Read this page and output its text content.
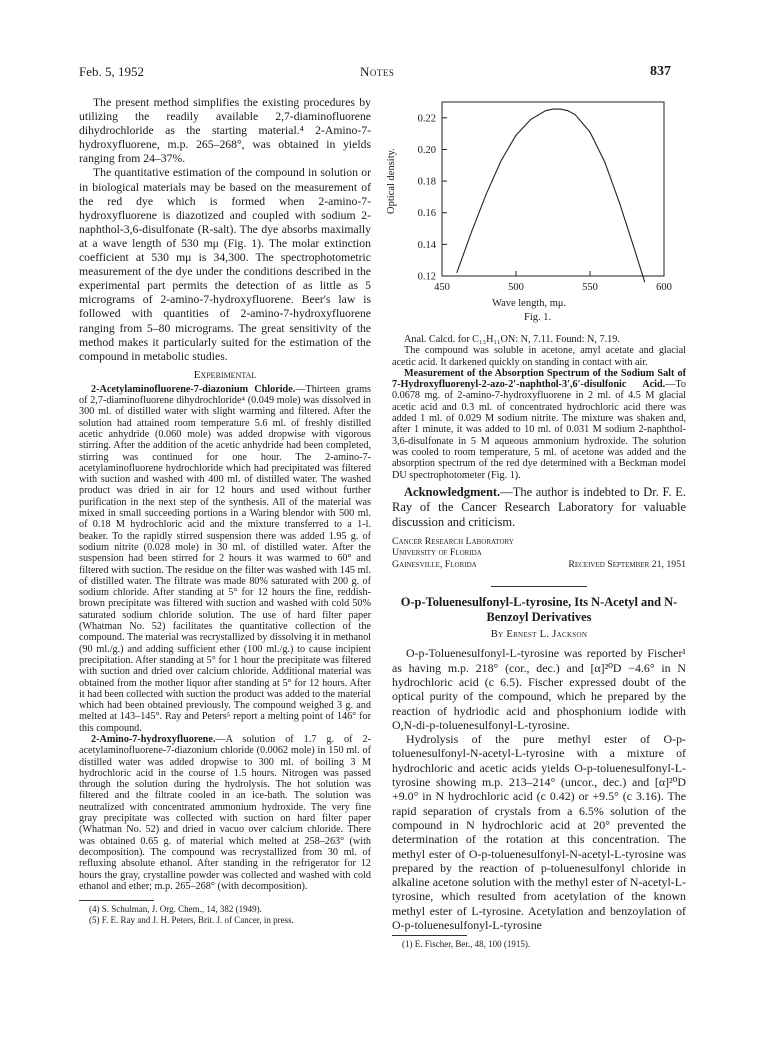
Feb. 5, 1952	Notes	837

The present method simplifies the existing procedures by utilizing the readily available 2,7-diaminofluorene dihydrochloride as the starting material.⁴ 2-Amino-7-hydroxyfluorene, m.p. 265–268°, was obtained in yields ranging from 24–37%.

The quantitative estimation of the compound in solution or in biological materials may be based on the measurement of the red dye which is formed when 2-amino-7-hydroxyfluorene is diazotized and coupled with sodium 2-naphthol-3,6-disulfonate (R-salt). The dye absorbs maximally at a wave length of 530 mμ (Fig. 1). The molar extinction coefficient at 530 mμ is 34,300. The spectrophotometric measurement of the dye under the conditions described in the experimental part permits the detection of as little as 5 micrograms of 2-amino-7-hydroxyfluorene. Beer's law is followed with quantities of 2-amino-7-hydroxyfluorene ranging from 5–80 micrograms. The great sensitivity of the method makes it particularly suited for the estimation of the compound in metabolic studies.

Experimental

2-Acetylaminofluorene-7-diazonium Chloride.—Thirteen grams of 2,7-diaminofluorene dihydrochloride⁴ (0.049 mole) was dissolved in 300 ml. of distilled water with slight warming and filtered. After the solution had attained room temperature 5.6 ml. of freshly distilled acetic anhydride (0.060 mole) was added dropwise with vigorous stirring. After the addition of the acetic anhydride had been completed, stirring was continued for one hour. The 2-amino-7-acetylaminofluorene hydrochloride which had precipitated was filtered with suction and washed with 400 ml. of distilled water. The washed product was dried in air for 12 hours and used without further purification in the next step of the synthesis. All of the material was mixed in small succeeding portions in a Waring blendor with 500 ml. of 0.18 M hydrochloric acid and the mixture transferred to a 1-l. beaker. To the rapidly stirred suspension there was added 1.95 g. of sodium nitrite (0.028 mole) in 30 ml. of distilled water. After the suspension had been stirred for 2 hours it was warmed to 60° and filtered with suction. The residue on the filter was washed with 145 ml. of distilled water. The filtrate was made 80% saturated with 200 g. of sodium chloride. After standing at 5° for 12 hours the fine, reddish-brown precipitate was filtered with suction and washed with cold 50% saturated sodium chloride solution. The use of hard filter paper (Whatman No. 52) facilitates the quantitative collection of the compound. The material was recrystallized by dissolving it in methanol (90 ml./g.) and adding sufficient ether (100 ml./g.) to cause incipient precipitation. After standing at 5° for 1 hour the precipitate was filtered with suction and dried over calcium chloride. Additional material was obtained from the mother liquor after standing at 5° for 12 hours. After it had been collected with suction the product was added to the material which had been obtained previously. The compound weighed 3 g. and melted at 143–145°. Ray and Peters⁵ report a melting point of 146° for this compound.

2-Amino-7-hydroxyfluorene.—A solution of 1.7 g. of 2-acetylaminofluorene-7-diazonium chloride (0.0062 mole) in 150 ml. of distilled water was added dropwise to 300 ml. of boiling 3 M hydrochloric acid in the course of 1.5 hours. Nitrogen was passed through the solution during the hydrolysis. The hot solution was filtered and the filtrate cooled in an ice-bath. The solution was neutralized with concentrated ammonium hydroxide. The very fine gray precipitate was collected with suction on hard filter paper (Whatman No. 52) and dried in vacuo over calcium chloride. There was obtained 0.65 g. of material which melted at 258–263° (with decomposition). The compound was recrystallized from 30 ml. of refluxing absolute ethanol. After standing in the refrigerator for 12 hours the gray, crystalline powder was collected and washed with cold ethanol and ether; m.p. 265–268° (with decomposition).

(4) S. Schulman, J. Org. Chem., 14, 382 (1949).

(5) F. E. Ray and J. H. Peters, Brit. J. of Cancer, in press.

0.12
0.14
0.16
0.18
0.20
0.22
450	500	550	600
Optical density.
Wave length, mμ.
Fig. 1.

Anal. Calcd. for C₁₃H₁₁ON: N, 7.11. Found: N, 7.19.

The compound was soluble in acetone, amyl acetate and glacial acetic acid. It darkened quickly on standing in contact with air.

Measurement of the Absorption Spectrum of the Sodium Salt of 7-Hydroxyfluorenyl-2-azo-2′-naphthol-3′,6′-disulfonic Acid.—To 0.0678 mg. of 2-amino-7-hydroxyfluorene in 2 ml. of 4.5 M glacial acetic acid and 0.3 ml. of concentrated hydrochloric acid there was added 1 ml. of 0.029 M sodium nitrite. The mixture was shaken and, after 1 minute, it was added to 10 ml. of 0.031 M sodium 2-naphthol-3,6-disulfonate in 5 M aqueous ammonium hydroxide. The solution was cooled to room temperature, 5 ml. of acetone was added and the absorption spectrum of the red dye determined with a Beckman model DU spectrophotometer (Fig. 1).

Acknowledgment.—The author is indebted to Dr. F. E. Ray of the Cancer Research Laboratory for valuable discussion and criticism.

Cancer Research Laboratory
University of Florida
Gainesville, Florida	Received September 21, 1951

O-p-Toluenesulfonyl-L-tyrosine, Its N-Acetyl and N-Benzoyl Derivatives

By Ernest L. Jackson

O-p-Toluenesulfonyl-L-tyrosine was reported by Fischer¹ as having m.p. 218° (cor., dec.) and [α]²⁰D −4.6° in N hydrochloric acid (c 6.5). Fischer expressed doubt of the optical purity of the compound, which he prepared by the reaction of hydriodic acid and phosphonium iodide with O,N-di-p-toluenesulfonyl-L-tyrosine.

Hydrolysis of the pure methyl ester of O-p-toluenesulfonyl-N-acetyl-L-tyrosine with a mixture of hydrochloric and acetic acids yields O-p-toluenesulfonyl-L-tyrosine showing m.p. 213–214° (uncor., dec.) and [α]²⁰D +9.0° in N hydrochloric acid (c 0.42) or +9.5° (c 3.16). The rapid separation of crystals from a 6.5% solution of the compound in N hydrochloric acid at 20° prevented the determination of the rotation at this concentration. The methyl ester of O-p-toluenesulfonyl-N-acetyl-L-tyrosine was prepared by the reaction of p-toluenesulfonyl chloride in alkaline acetone solution with the methyl ester of N-acetyl-L-tyrosine, which resulted from acetylation of the known methyl ester of L-tyrosine. Acetylation and benzoylation of O-p-toluenesulfonyl-L-tyrosine

(1) E. Fischer, Ber., 48, 100 (1915).
